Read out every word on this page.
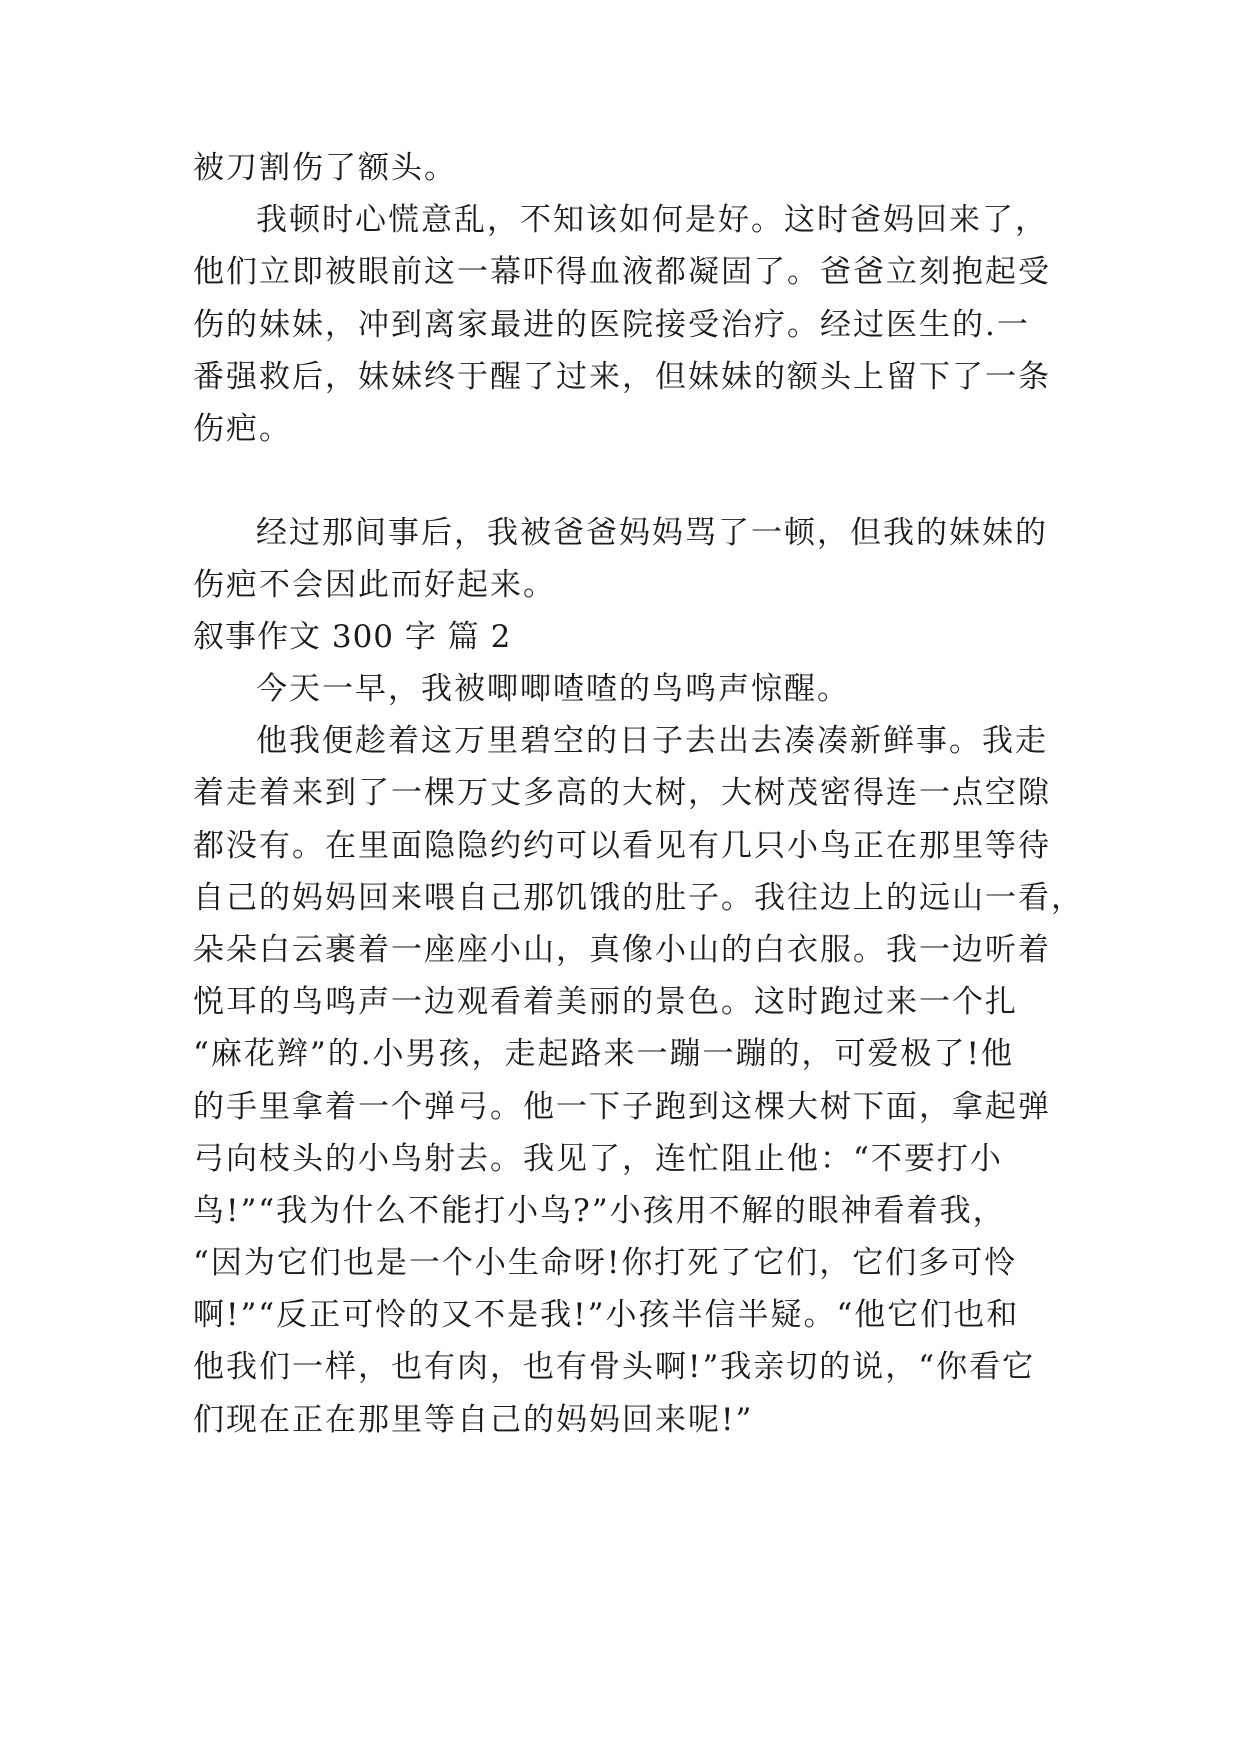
被刀割伤了额头。
我顿时心慌意乱，不知该如何是好。这时爸妈回来了，
他们立即被眼前这一幕吓得血液都凝固了。爸爸立刻抱起受
伤的妹妹，冲到离家最进的医院接受治疗。经过医生的.一
番强救后，妹妹终于醒了过来，但妹妹的额头上留下了一条
伤疤。
经过那间事后，我被爸爸妈妈骂了一顿，但我的妹妹的
伤疤不会因此而好起来。
叙事作文 300 字 篇 2
今天一早，我被唧唧喳喳的鸟鸣声惊醒。
他我便趁着这万里碧空的日子去出去凑凑新鲜事。我走
着走着来到了一棵万丈多高的大树，大树茂密得连一点空隙
都没有。在里面隐隐约约可以看见有几只小鸟正在那里等待
自己的妈妈回来喂自己那饥饿的肚子。我往边上的远山一看，
朵朵白云裹着一座座小山，真像小山的白衣服。我一边听着
悦耳的鸟鸣声一边观看着美丽的景色。这时跑过来一个扎
“麻花辫”的.小男孩，走起路来一蹦一蹦的，可爱极了!他
的手里拿着一个弹弓。他一下子跑到这棵大树下面，拿起弹
弓向枝头的小鸟射去。我见了，连忙阻止他：“不要打小
鸟!”“我为什么不能打小鸟?”小孩用不解的眼神看着我，
“因为它们也是一个小生命呀!你打死了它们，它们多可怜
啊!”“反正可怜的又不是我!”小孩半信半疑。“他它们也和
他我们一样，也有肉，也有骨头啊!”我亲切的说，“你看它
们现在正在那里等自己的妈妈回来呢!”
